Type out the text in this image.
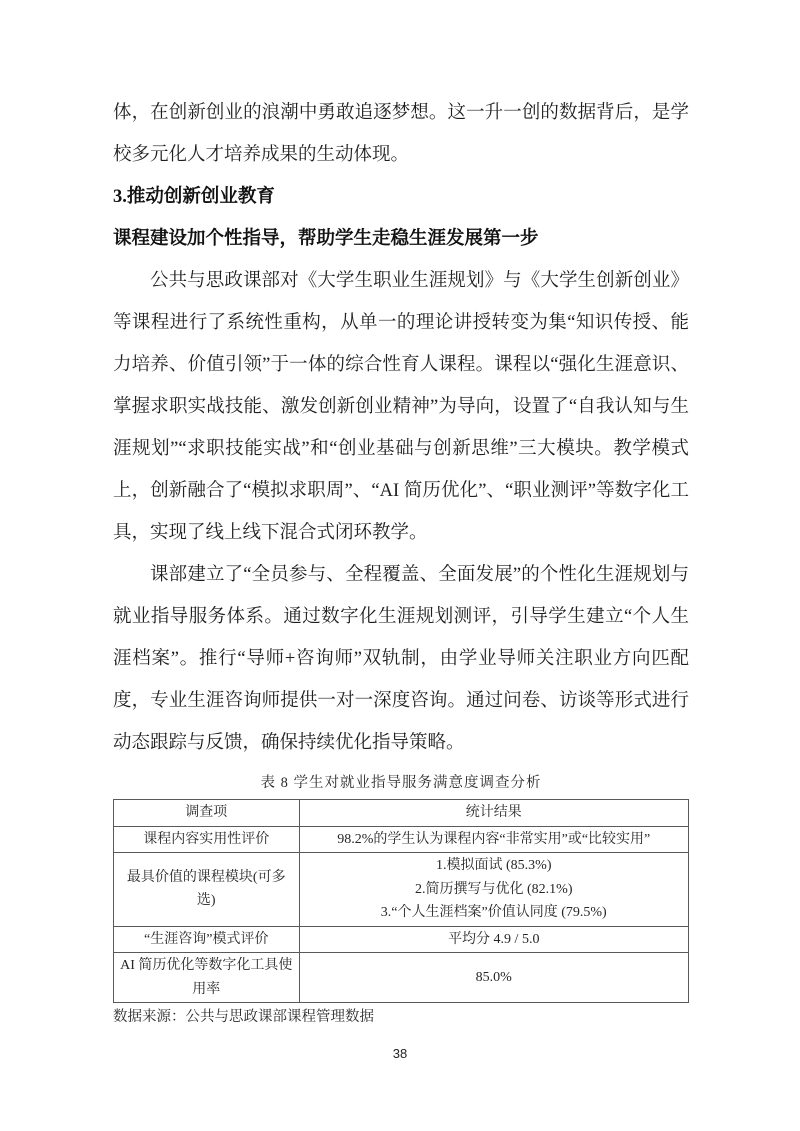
体，在创新创业的浪潮中勇敢追逐梦想。这一升一创的数据背后，是学校多元化人才培养成果的生动体现。

3.推动创新创业教育
课程建设加个性指导，帮助学生走稳生涯发展第一步

公共与思政课部对《大学生职业生涯规划》与《大学生创新创业》等课程进行了系统性重构，从单一的理论讲授转变为集“知识传授、能力培养、价值引领”于一体的综合性育人课程。课程以“强化生涯意识、掌握求职实战技能、激发创新创业精神”为导向，设置了“自我认知与生涯规划”“求职技能实战”和“创业基础与创新思维”三大模块。教学模式上，创新融合了“模拟求职周”、“AI 简历优化”、“职业测评”等数字化工具，实现了线上线下混合式闭环教学。

课部建立了“全员参与、全程覆盖、全面发展”的个性化生涯规划与就业指导服务体系。通过数字化生涯规划测评，引导学生建立“个人生涯档案”。推行“导师+咨询师”双轨制，由学业导师关注职业方向匹配度，专业生涯咨询师提供一对一深度咨询。通过问卷、访谈等形式进行动态跟踪与反馈，确保持续优化指导策略。

表 8 学生对就业指导服务满意度调查分析
调查项	统计结果
课程内容实用性评价	98.2%的学生认为课程内容“非常实用”或“比较实用”

最具价值的课程模块(可多选)	1.模拟面试 (85.3%)
2.简历撰写与优化 (82.1%)
3.“个人生涯档案”价值认同度 (79.5%)

“生涯咨询”模式评价	平均分 4.9 / 5.0

AI 简历优化等数字化工具使用率	85.0%
数据来源：公共与思政课部课程管理数据
38
